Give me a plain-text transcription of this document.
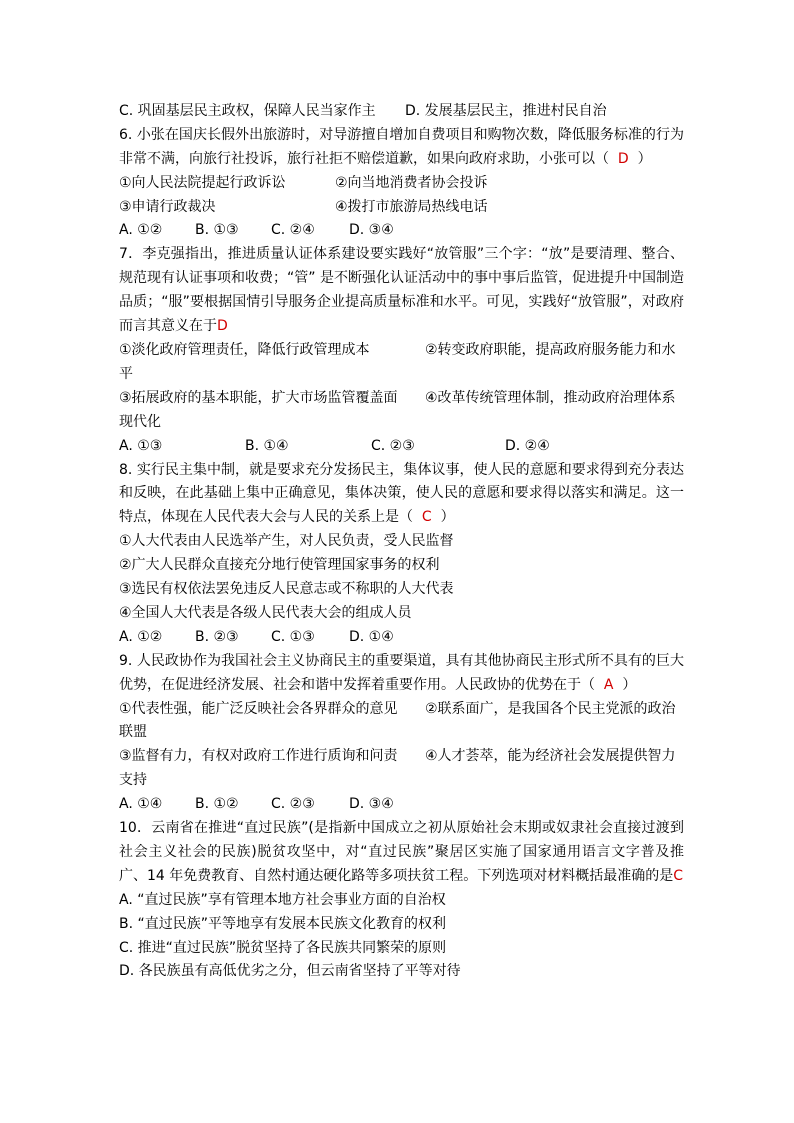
C. 巩固基层民主政权，保障人民当家作主 D. 发展基层民主，推进村民自治
6. 小张在国庆长假外出旅游时，对导游擅自增加自费项目和购物次数，降低服务标准的行为非常不满，向旅行社投诉，旅行社拒不赔偿道歉，如果向政府求助，小张可以（ D ）
①向人民法院提起行政诉讼	②向当地消费者协会投诉
③申请行政裁决	④拨打市旅游局热线电话
A. ①② B. ①③ C. ②④ D. ③④
7．李克强指出，推进质量认证体系建设要实践好“放管服”三个字：“放”是要清理、整合、规范现有认证事项和收费；“管” 是不断强化认证活动中的事中事后监管，促进提升中国制造品质；“服”要根据国情引导服务企业提高质量标准和水平。可见，实践好“放管服”，对政府而言其意义在于D
①淡化政府管理责任，降低行政管理成本	②转变政府职能，提高政府服务能力和水平
③拓展政府的基本职能，扩大市场监管覆盖面 ④改革传统管理体制，推动政府治理体系现代化
A. ①③	B. ①④	C. ②③	D. ②④
8. 实行民主集中制，就是要求充分发扬民主，集体议事，使人民的意愿和要求得到充分表达和反映，在此基础上集中正确意见，集体决策，使人民的意愿和要求得以落实和满足。这一特点，体现在人民代表大会与人民的关系上是（ C ）
①人大代表由人民选举产生，对人民负责，受人民监督
②广大人民群众直接充分地行使管理国家事务的权利
③选民有权依法罢免违反人民意志或不称职的人大代表
④全国人大代表是各级人民代表大会的组成人员
A. ①② B. ②③ C. ①③ D. ①④
9. 人民政协作为我国社会主义协商民主的重要渠道，具有其他协商民主形式所不具有的巨大优势，在促进经济发展、社会和谐中发挥着重要作用。人民政协的优势在于（ A ）
①代表性强，能广泛反映社会各界群众的意见 ②联系面广，是我国各个民主党派的政治联盟
③监督有力，有权对政府工作进行质询和问责 ④人才荟萃，能为经济社会发展提供智力支持
A. ①④ B. ①② C. ②③ D. ③④
10．云南省在推进“直过民族”(是指新中国成立之初从原始社会末期或奴隶社会直接过渡到社会主义社会的民族)脱贫攻坚中，对“直过民族”聚居区实施了国家通用语言文字普及推广、14 年免费教育、自然村通达硬化路等多项扶贫工程。下列选项对材料概括最准确的是C
A. “直过民族”享有管理本地方社会事业方面的自治权
B. “直过民族”平等地享有发展本民族文化教育的权利
C. 推进“直过民族”脱贫坚持了各民族共同繁荣的原则
D. 各民族虽有高低优劣之分，但云南省坚持了平等对待
